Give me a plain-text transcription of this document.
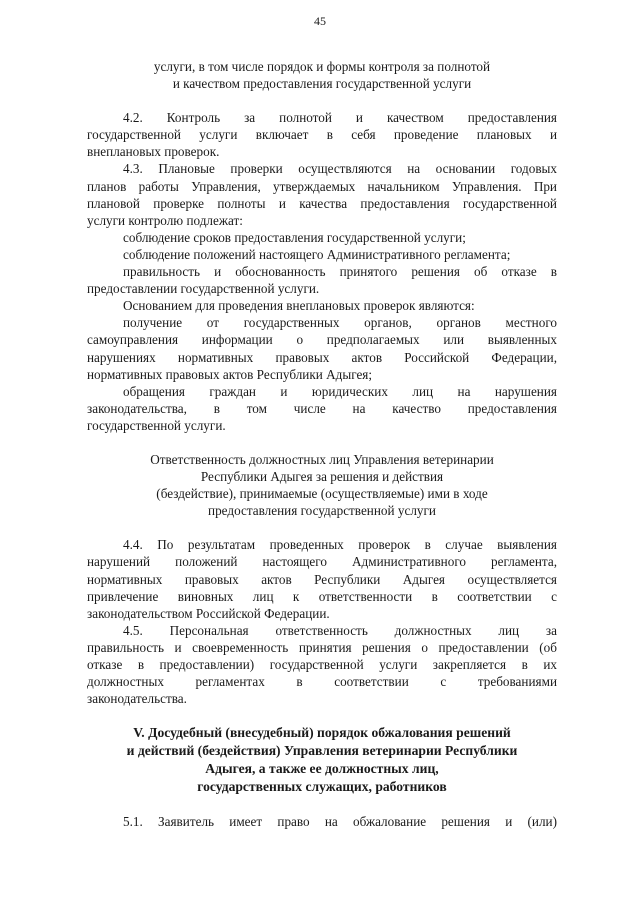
45
услуги, в том числе порядок и формы контроля за полнотой
и качеством предоставления государственной услуги
4.2. Контроль за полнотой и качеством предоставления
государственной услуги включает в себя проведение плановых и
внеплановых проверок.
4.3. Плановые проверки осуществляются на основании годовых
планов работы Управления, утверждаемых начальником Управления. При
плановой проверке полноты и качества предоставления государственной
услуги контролю подлежат:
соблюдение сроков предоставления государственной услуги;
соблюдение положений настоящего Административного регламента;
правильность и обоснованность принятого решения об отказе в
предоставлении государственной услуги.
Основанием для проведения внеплановых проверок являются:
получение от государственных органов, органов местного
самоуправления информации о предполагаемых или выявленных
нарушениях нормативных правовых актов Российской Федерации,
нормативных правовых актов Республики Адыгея;
обращения граждан и юридических лиц на нарушения
законодательства, в том числе на качество предоставления
государственной услуги.
Ответственность должностных лиц Управления ветеринарии
Республики Адыгея за решения и действия
(бездействие), принимаемые (осуществляемые) ими в ходе
предоставления государственной услуги
4.4. По результатам проведенных проверок в случае выявления
нарушений положений настоящего Административного регламента,
нормативных правовых актов Республики Адыгея осуществляется
привлечение виновных лиц к ответственности в соответствии с
законодательством Российской Федерации.
4.5. Персональная ответственность должностных лиц за
правильность и своевременность принятия решения о предоставлении (об
отказе в предоставлении) государственной услуги закрепляется в их
должностных регламентах в соответствии с требованиями
законодательства.
V. Досудебный (внесудебный) порядок обжалования решений
и действий (бездействия) Управления ветеринарии Республики
Адыгея, а также ее должностных лиц,
государственных служащих, работников
5.1. Заявитель имеет право на обжалование решения и (или)
